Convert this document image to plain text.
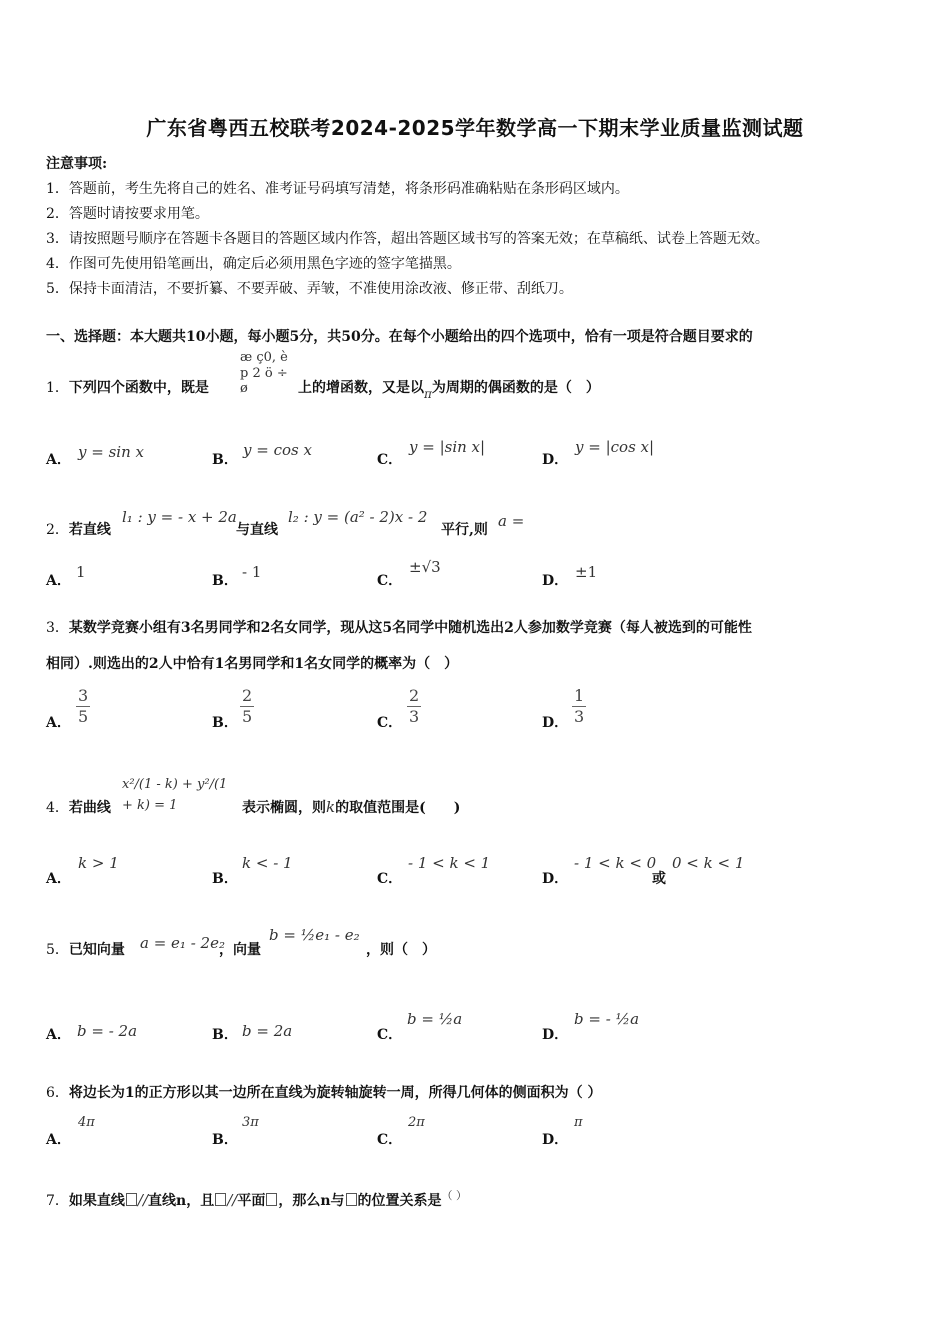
广东省粤西五校联考2024-2025学年数学高一下期末学业质量监测试题
注意事项:
1．答题前，考生先将自己的姓名、准考证号码填写清楚，将条形码准确粘贴在条形码区域内。
2．答题时请按要求用笔。
3．请按照题号顺序在答题卡各题目的答题区域内作答，超出答题区域书写的答案无效；在草稿纸、试卷上答题无效。
4．作图可先使用铅笔画出，确定后必须用黑色字迹的签字笔描黑。
5．保持卡面清洁，不要折纂、不要弄破、弄皱，不准使用涂改液、修正带、刮纸刀。
一、选择题：本大题共10小题，每小题5分，共50分。在每个小题给出的四个选项中，恰有一项是符合题目要求的
1．下列四个函数中，既是
æ ç0, è p 2 ö ÷ ø	上的增函数，又是以π为周期的偶函数的是（　）
A． y = sin x	B．
y = cos x
C．
y = |sin x|
D．
y = |cos x|
2．若直线
l₁ : y = - x + 2a
与直线
l₂ : y = (a² - 2)x - 2
平行,则 a =
A． 1	B． - 1	C．
±√3
D． ±1
3．某数学竞赛小组有3名男同学和2名女同学，现从这5名同学中随机选出2人参加数学竞赛（每人被选到的可能性
相同）.则选出的2人中恰有1名男同学和1名女同学的概率为（　）
A． $\frac{3}{5}$	B． $\frac{2}{5}$	C． $\frac{2}{3}$	D． $\frac{1}{3}$
4．若曲线
x²/(1 - k) + y²/(1 + k) = 1	表示椭圆，则k的取值范围是(　　)
A．
k > 1
B．
k < - 1
C．
- 1 < k < 1
D．
- 1 < k < 0
或
0 < k < 1
5．已知向量 a = e₁ - 2e₂
，向量
b = ½e₁ - e₂
，则（　）
A． b = - 2a	B． b = 2a	C．
b = ½a
D．
b = - ½a
6．将边长为1的正方形以其一边所在直线为旋转轴旋转一周，所得几何体的侧面积为（ ）
A．
4π
B．
3π
C．
2π
D．
π
7．如果直线 //直线n，且 //平面 ，那么n与 的位置关系是（ ）
